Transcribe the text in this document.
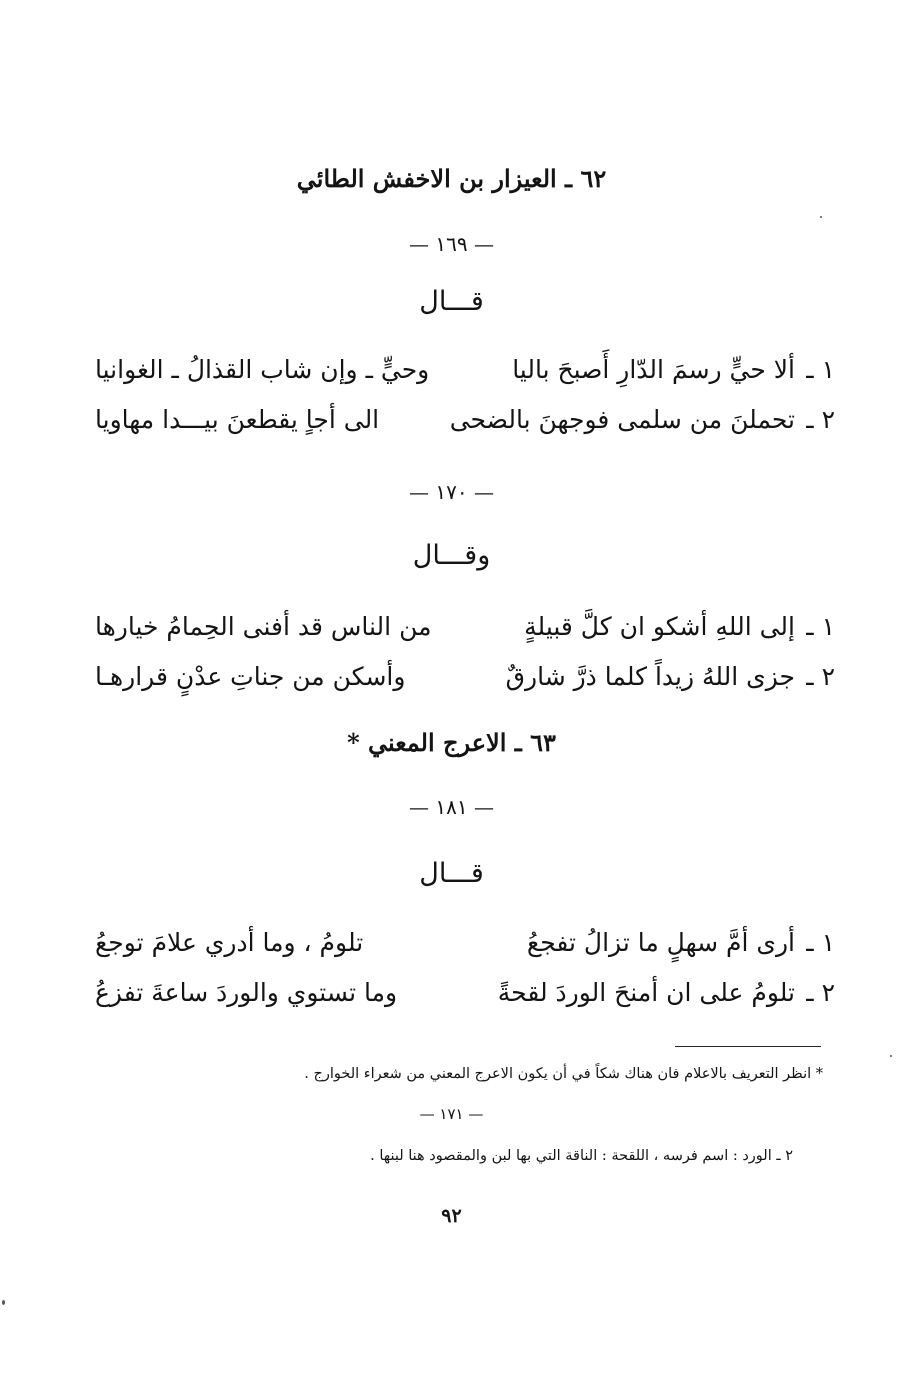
٦٢ ـ العيزار بن الاخفش الطائي
— ١٦٩ —
قـــال
١ ـ
ألا حيٍّ رسمَ الدّارِ أَصبحَ باليا
وحيٍّ ـ وإن شاب القذالُ ـ الغوانيا
٢ ـ
تحملنَ من سلمى فوجهنَ بالضحى
الى أجاٍ يقطعنَ بيـــدا مهاويا
— ١٧٠ —
وقـــال
١ ـ
إلى اللهِ أشكو ان كلَّ قبيلةٍ
من الناس قد أفنى الحِمامُ خيارها
٢ ـ
جزى اللهُ زيداً كلما ذرَّ شارقٌ
وأسكن من جناتِ عدْنٍ قرارهـا
٦٣ ـ الاعرج المعني *
— ١٨١ —
قـــال
١ ـ
أرى أمَّ سهلٍ ما تزالُ تفجعُ
تلومُ ، وما أدري علامَ توجعُ
٢ ـ
تلومُ على ان أمنحَ الوردَ لقحةً
وما تستوي والوردَ ساعةَ تفزعُ
* انظر التعريف بالاعلام فان هناك شكاً في أن يكون الاعرج المعني من شعراء الخوارج .
— ١٧١ —
٢ ـ الورد : اسم فرسه ، اللقحة : الناقة التي بها لبن والمقصود هنا لبنها .
٩٢
